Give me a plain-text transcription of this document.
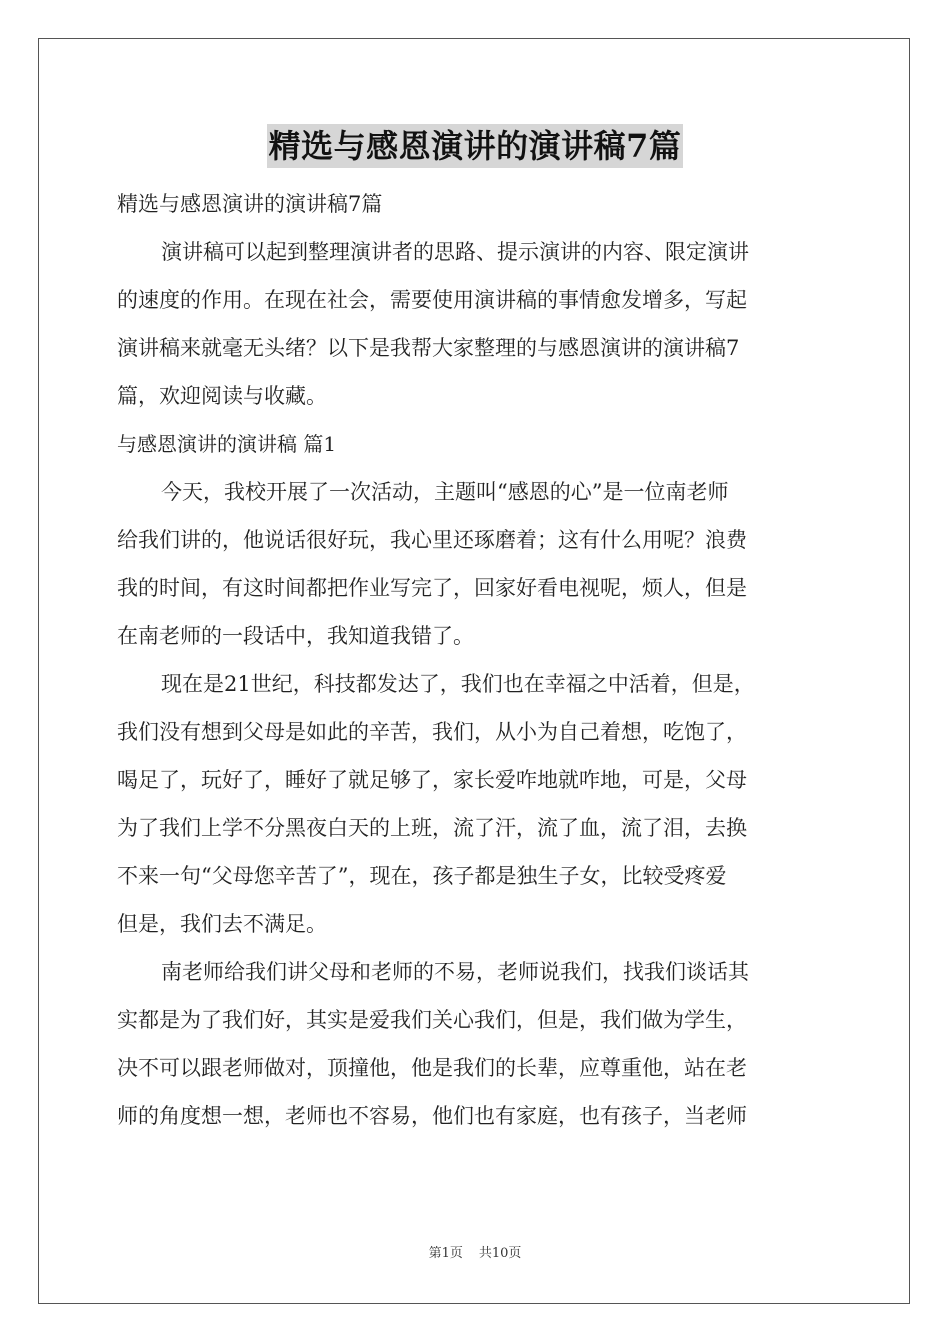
精选与感恩演讲的演讲稿7篇
精选与感恩演讲的演讲稿7篇
演讲稿可以起到整理演讲者的思路、提示演讲的内容、限定演讲
的速度的作用。在现在社会，需要使用演讲稿的事情愈发增多，写起
演讲稿来就毫无头绪？以下是我帮大家整理的与感恩演讲的演讲稿7
篇，欢迎阅读与收藏。
与感恩演讲的演讲稿 篇1
今天，我校开展了一次活动，主题叫“感恩的心”是一位南老师
给我们讲的，他说话很好玩，我心里还琢磨着；这有什么用呢？浪费
我的时间，有这时间都把作业写完了，回家好看电视呢，烦人，但是
在南老师的一段话中，我知道我错了。
现在是21世纪，科技都发达了，我们也在幸福之中活着，但是，
我们没有想到父母是如此的辛苦，我们，从小为自己着想，吃饱了，
喝足了，玩好了，睡好了就足够了，家长爱咋地就咋地，可是，父母
为了我们上学不分黑夜白天的上班，流了汗，流了血，流了泪，去换
不来一句“父母您辛苦了”，现在，孩子都是独生子女，比较受疼爱
但是，我们去不满足。
南老师给我们讲父母和老师的不易，老师说我们，找我们谈话其
实都是为了我们好，其实是爱我们关心我们，但是，我们做为学生，
决不可以跟老师做对，顶撞他，他是我们的长辈，应尊重他，站在老
师的角度想一想，老师也不容易，他们也有家庭，也有孩子，当老师
第1页 共10页
